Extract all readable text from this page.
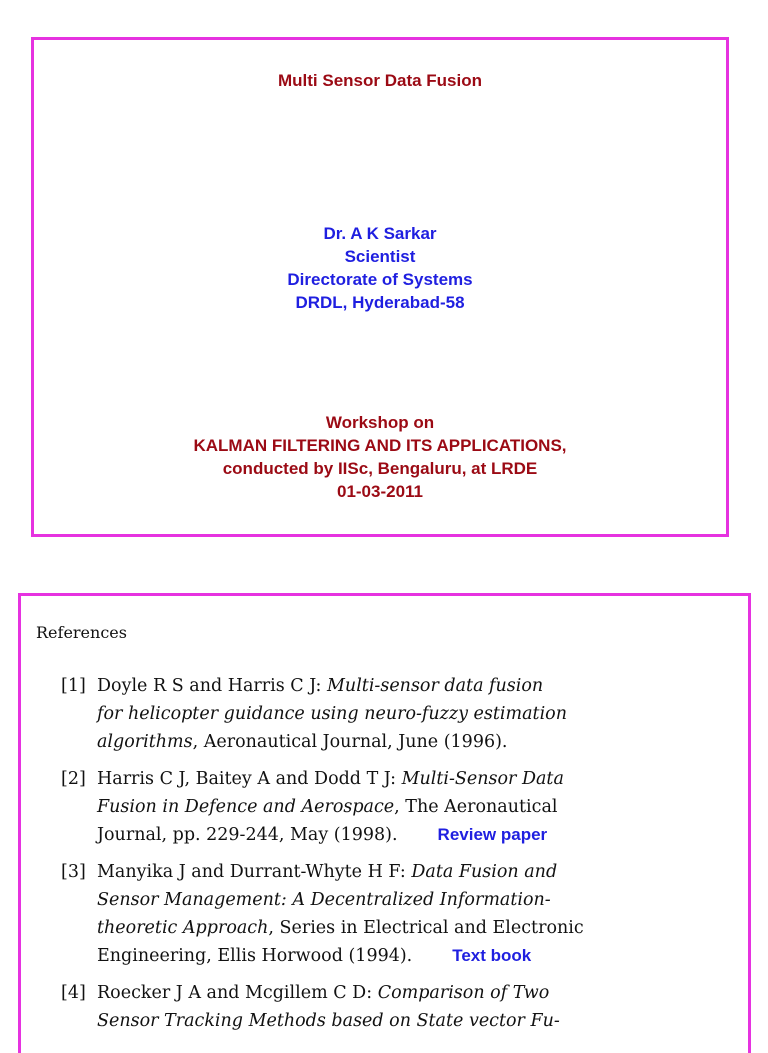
Multi Sensor Data Fusion
Dr. A K Sarkar
Scientist
Directorate of Systems
DRDL, Hyderabad-58
Workshop on
KALMAN FILTERING AND ITS APPLICATIONS,
conducted by IISc, Bengaluru, at LRDE
01-03-2011
References
[1] Doyle R S and Harris C J: Multi-sensor data fusion
for helicopter guidance using neuro-fuzzy estimation
algorithms, Aeronautical Journal, June (1996).
[2] Harris C J, Baitey A and Dodd T J: Multi-Sensor Data
Fusion in Defence and Aerospace, The Aeronautical
Journal, pp. 229-244, May (1998). Review paper
[3] Manyika J and Durrant-Whyte H F: Data Fusion and
Sensor Management: A Decentralized Information-
theoretic Approach, Series in Electrical and Electronic
Engineering, Ellis Horwood (1994). Text book
[4] Roecker J A and Mcgillem C D: Comparison of Two
Sensor Tracking Methods based on State vector Fu-
